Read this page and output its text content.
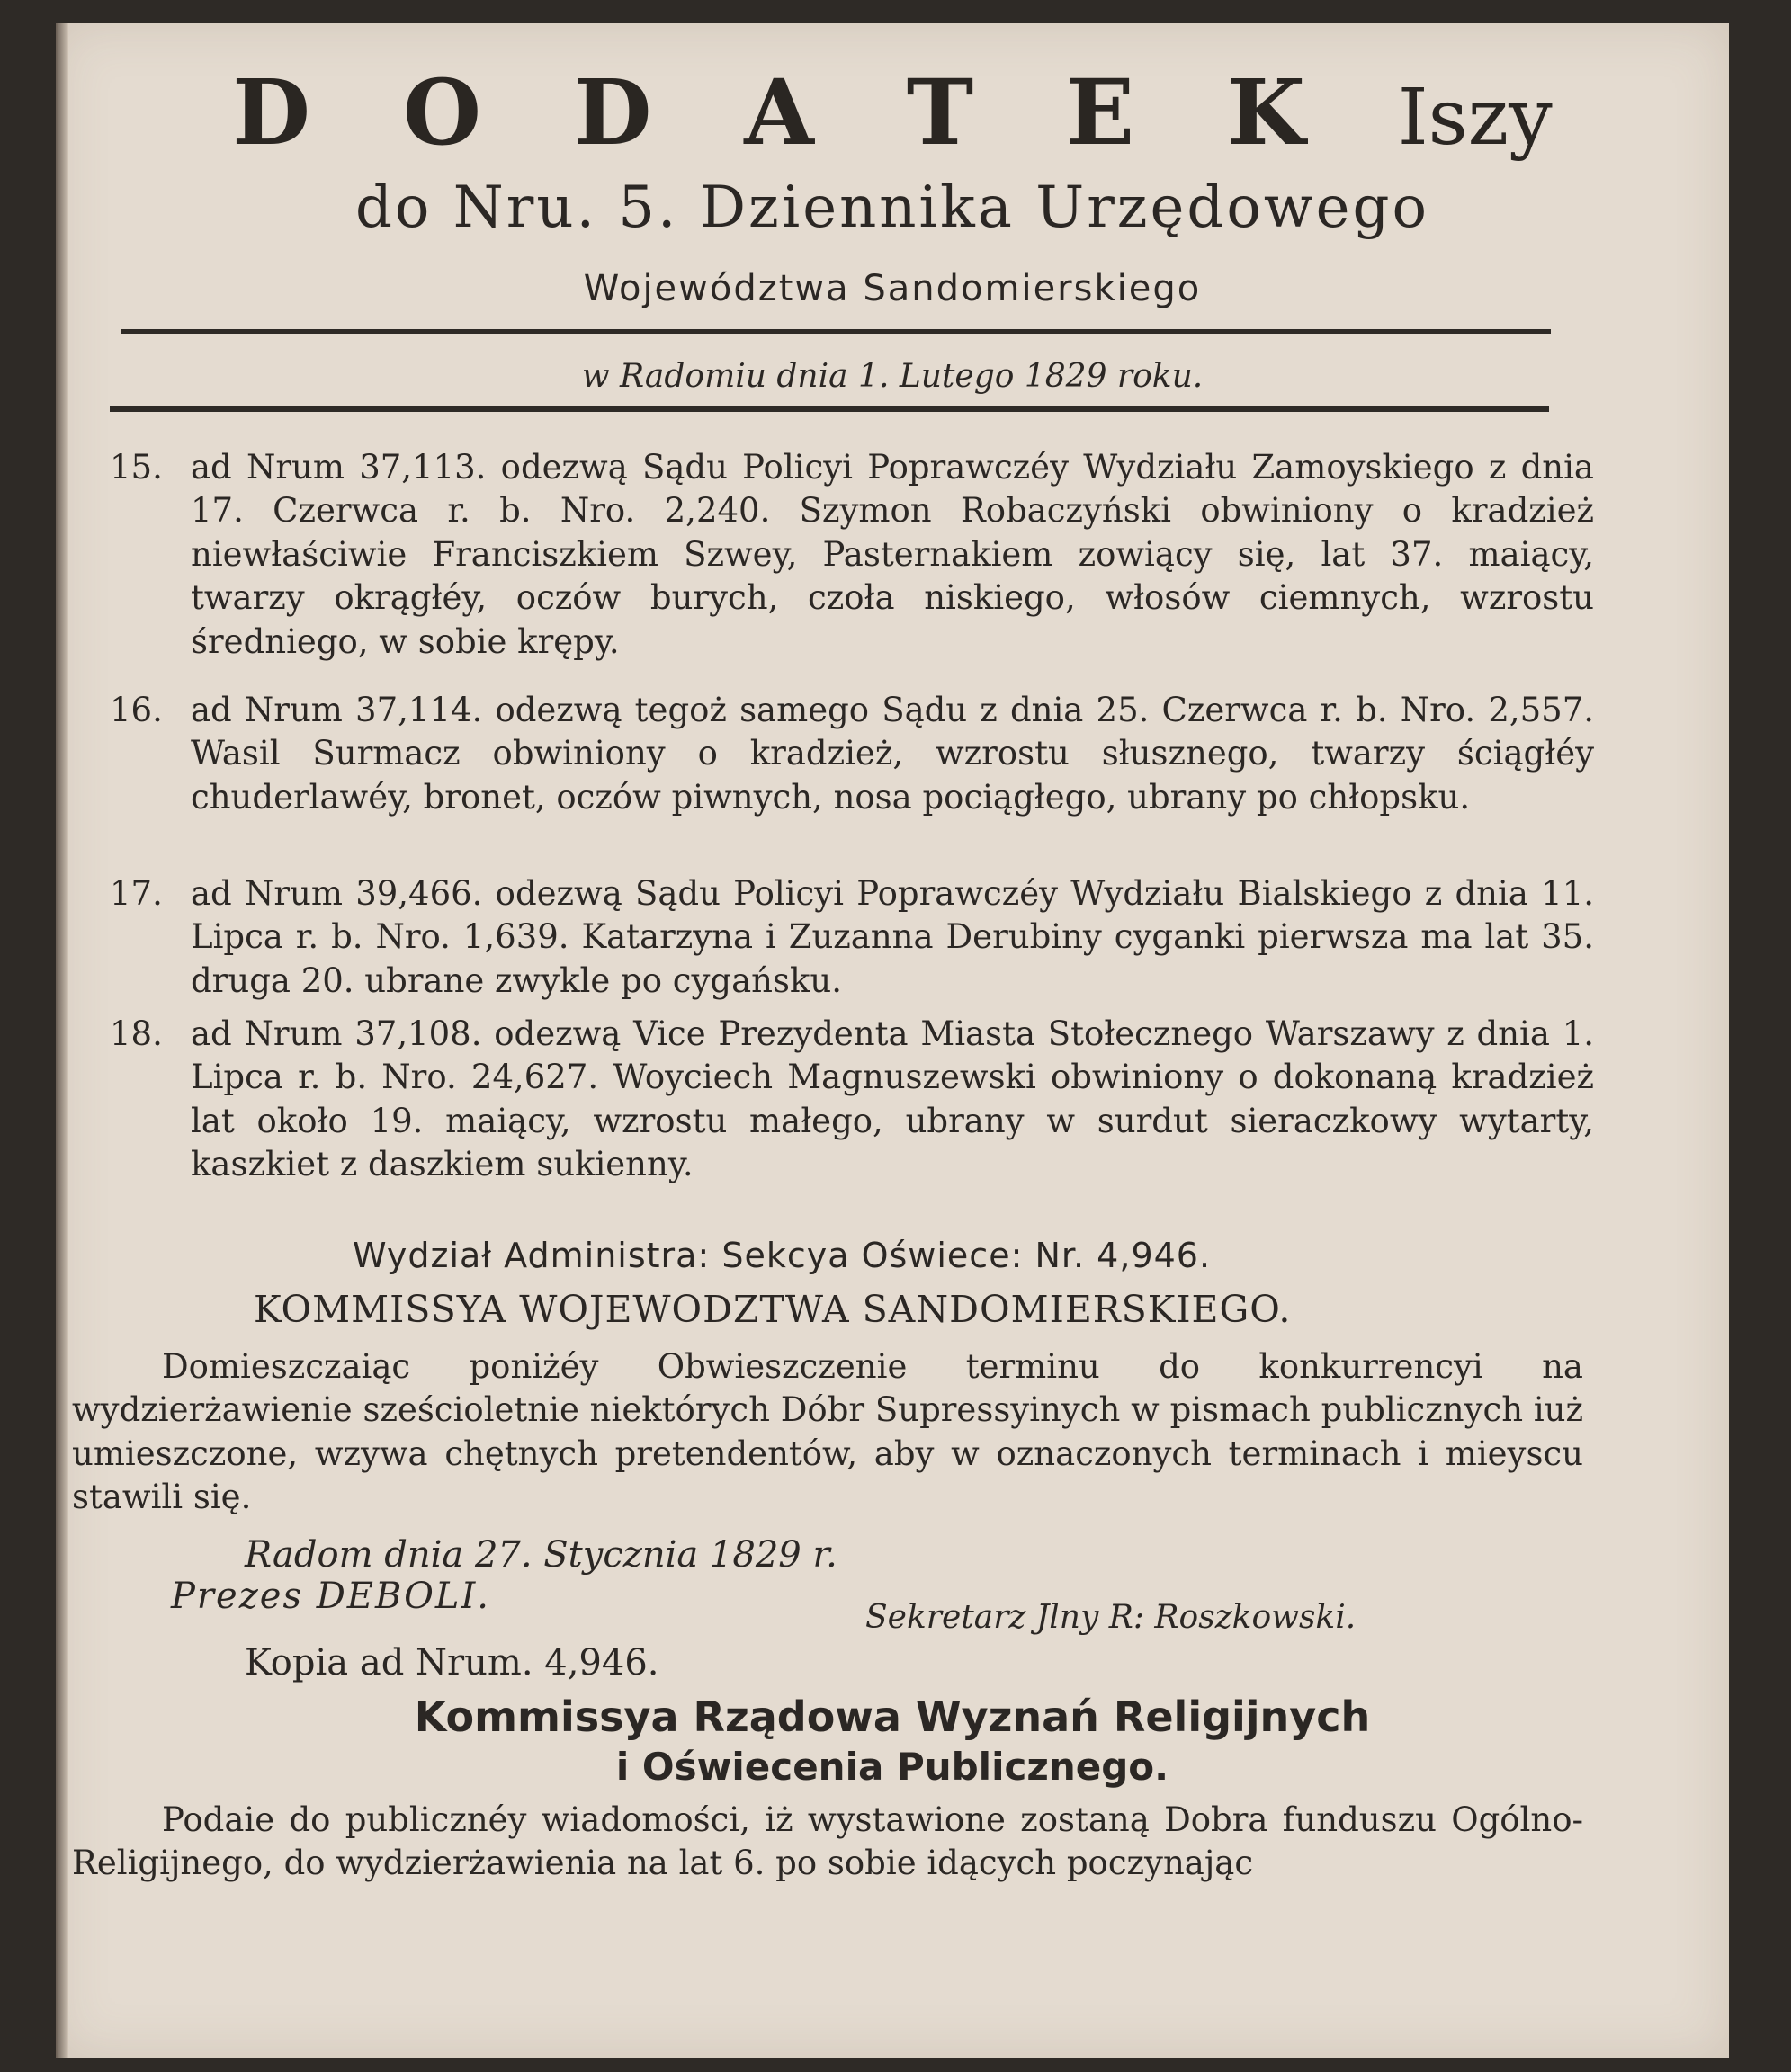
D O D A T E K Iszy
do Nru. 5. Dziennika Urzędowego
Województwa Sandomierskiego
w Radomiu dnia 1. Lutego 1829 roku.
15. ad Nrum 37,113. odezwą Sądu Policyi Poprawczéy Wydziału Zamoyskiego z dnia 17. Czerwca r. b. Nro. 2,240. Szymon Robaczyński obwiniony o kradzież niewłaściwie Franciszkiem Szwey, Pasternakiem zowiący się, lat 37. maiący, twarzy okrągłéy, oczów burych, czoła niskiego, włosów ciemnych, wzrostu średniego, w sobie krępy.
16. ad Nrum 37,114. odezwą tegoż samego Sądu z dnia 25. Czerwca r. b. Nro. 2,557. Wasil Surmacz obwiniony o kradzież, wzrostu słusznego, twarzy ściągłéy chuderlawéy, bronet, oczów piwnych, nosa pociągłego, ubrany po chłopsku.
17. ad Nrum 39,466. odezwą Sądu Policyi Poprawczéy Wydziału Bialskiego z dnia 11. Lipca r. b. Nro. 1,639. Katarzyna i Zuzanna Derubiny cyganki pierwsza ma lat 35. druga 20. ubrane zwykle po cygańsku.
18. ad Nrum 37,108. odezwą Vice Prezydenta Miasta Stołecznego Warszawy z dnia 1. Lipca r. b. Nro. 24,627. Woyciech Magnuszewski obwiniony o dokonaną kradzież lat około 19. maiący, wzrostu małego, ubrany w surdut sieraczkowy wytarty, kaszkiet z daszkiem sukienny.
Wydział Administra: Sekcya Oświece: Nr. 4,946.
KOMMISSYA WOJEWODZTWA SANDOMIERSKIEGO.
Domieszczaiąc poniżéy Obwieszczenie terminu do konkurrencyi na wydzierżawienie sześcioletnie niektórych Dóbr Supressyinych w pismach publicznych iuż umieszczone, wzywa chętnych pretendentów, aby w oznaczonych terminach i mieyscu stawili się.
Radom dnia 27. Stycznia 1829 r.
Prezes DEBOLI.
Sekretarz Jlny R: Roszkowski.
Kopia ad Nrum. 4,946.
Kommissya Rządowa Wyznań Religijnych
i Oświecenia Publicznego.
Podaie do publicznéy wiadomości, iż wystawione zostaną Dobra funduszu Ogólno-Religijnego, do wydzierżawienia na lat 6. po sobie idących poczynając
